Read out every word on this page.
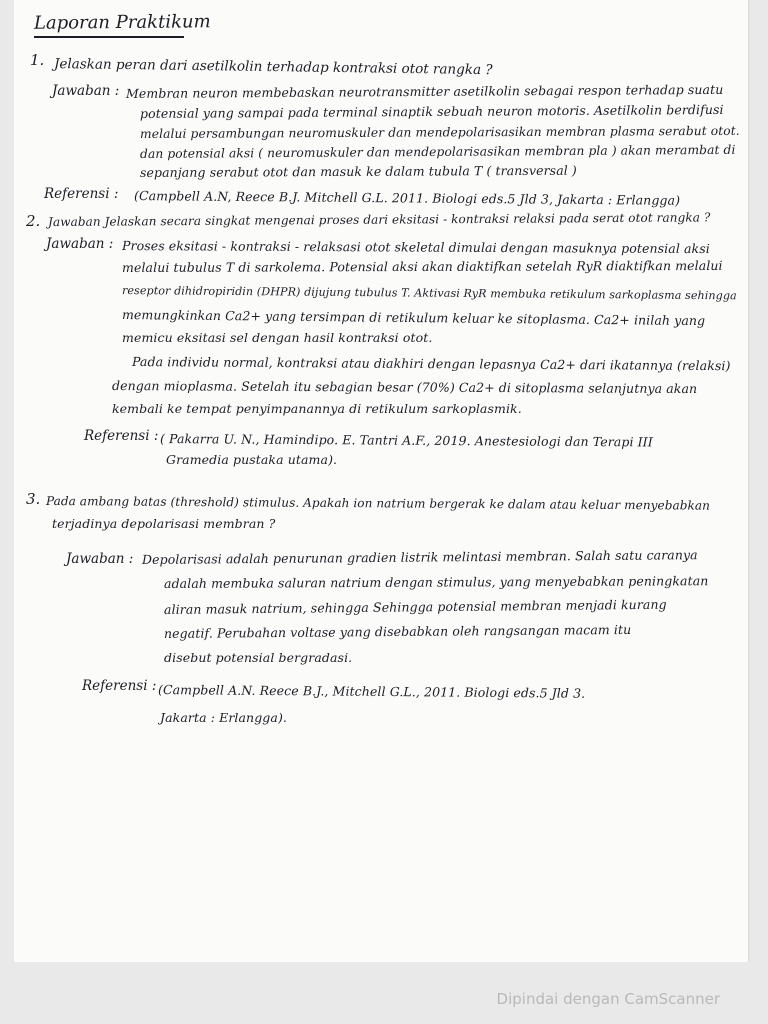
Laporan Praktikum
1. Jelaskan peran dari asetilkolin terhadap kontraksi otot rangka ?
Jawaban : Membran neuron membebaskan neurotransmitter asetilkolin sebagai respon terhadap suatu
potensial yang sampai pada terminal sinaptik sebuah neuron motoris. Asetilkolin berdifusi
melalui persambungan neuromuskuler dan mendepolarisasikan membran plasma serabut otot.
dan potensial aksi ( neuromuskuler dan mendepolarisasikan membran pla ) akan merambat di
sepanjang serabut otot dan masuk ke dalam tubula T ( transversal )
Referensi : (Campbell A.N, Reece B.J. Mitchell G.L. 2011. Biologi eds.5 Jld 3, Jakarta : Erlangga)
2. Jawaban Jelaskan secara singkat mengenai proses dari eksitasi - kontraksi relaksi pada serat otot rangka ?
Jawaban : Proses eksitasi - kontraksi - relaksasi otot skeletal dimulai dengan masuknya potensial aksi
melalui tubulus T di sarkolema. Potensial aksi akan diaktifkan setelah RyR diaktifkan melalui
reseptor dihidropiridin (DHPR) dijujung tubulus T. Aktivasi RyR membuka retikulum sarkoplasma sehingga
memungkinkan Ca2+ yang tersimpan di retikulum keluar ke sitoplasma. Ca2+ inilah yang
memicu eksitasi sel dengan hasil kontraksi otot.
Pada individu normal, kontraksi atau diakhiri dengan lepasnya Ca2+ dari ikatannya (relaksi)
dengan mioplasma. Setelah itu sebagian besar (70%) Ca2+ di sitoplasma selanjutnya akan
kembali ke tempat penyimpanannya di retikulum sarkoplasmik.
Referensi : ( Pakarra U. N., Hamindipo. E. Tantri A.F., 2019. Anestesiologi dan Terapi III
Gramedia pustaka utama).
3. Pada ambang batas (threshold) stimulus. Apakah ion natrium bergerak ke dalam atau keluar menyebabkan
terjadinya depolarisasi membran ?
Jawaban : Depolarisasi adalah penurunan gradien listrik melintasi membran. Salah satu caranya
adalah membuka saluran natrium dengan stimulus, yang menyebabkan peningkatan
aliran masuk natrium, sehingga Sehingga potensial membran menjadi kurang
negatif. Perubahan voltase yang disebabkan oleh rangsangan macam itu
disebut potensial bergradasi.
Referensi : (Campbell A.N. Reece B.J., Mitchell G.L., 2011. Biologi eds.5 Jld 3.
Jakarta : Erlangga).
Dipindai dengan CamScanner
